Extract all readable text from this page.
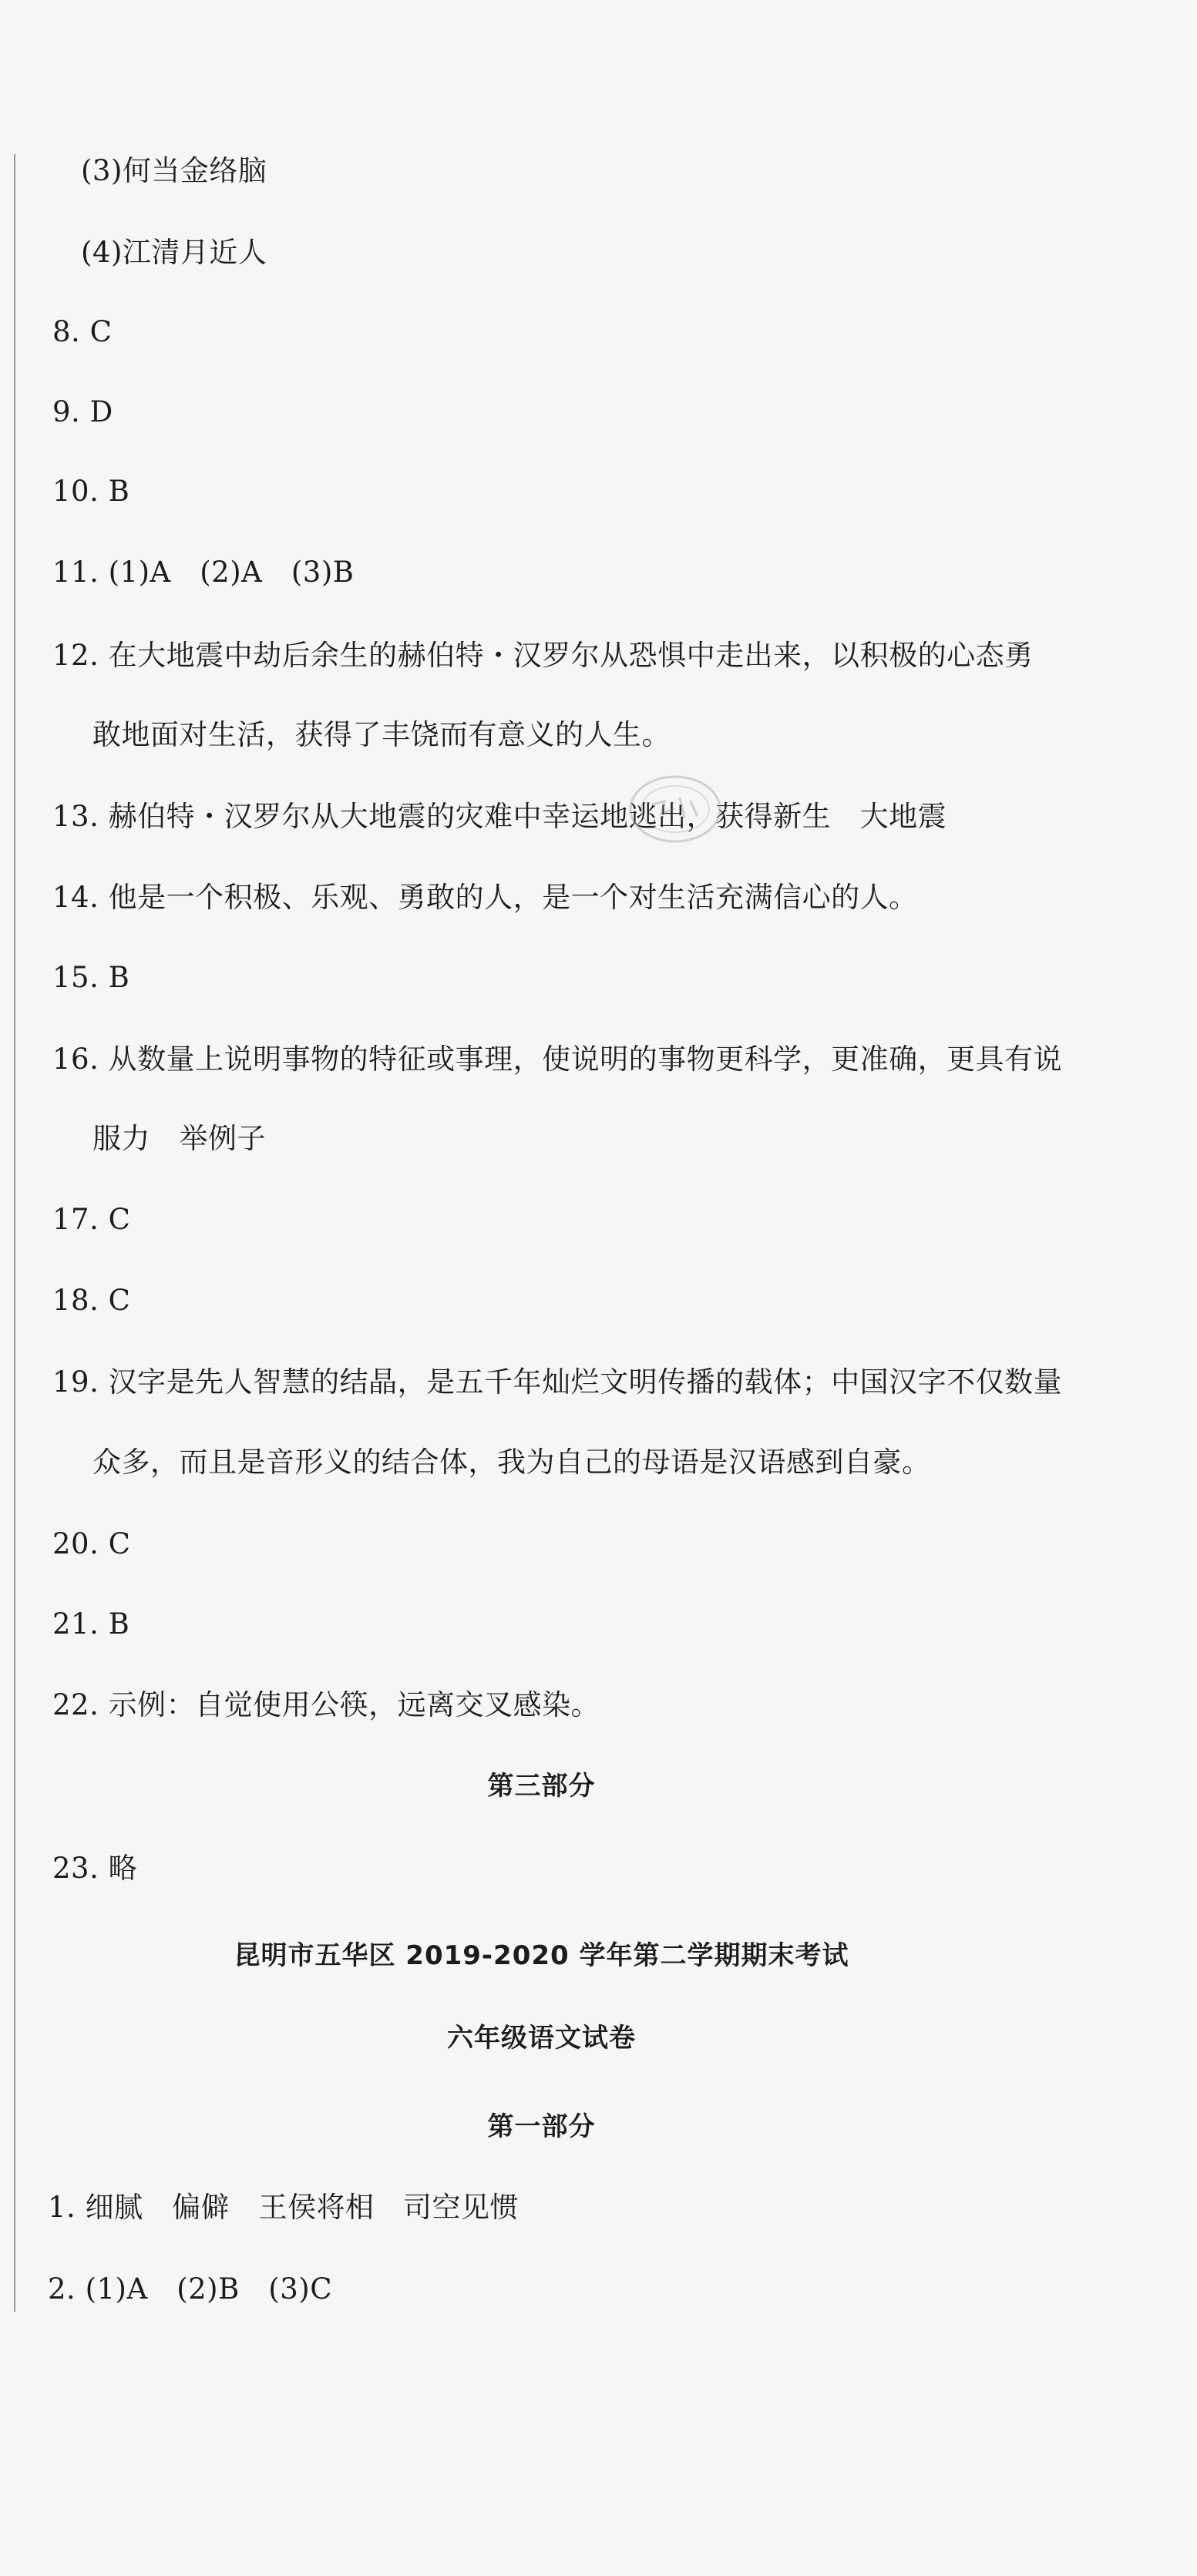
(3)何当金络脑
(4)江清月近人
8. C
9. D
10. B
11. (1)A　(2)A　(3)B
12. 在大地震中劫后余生的赫伯特・汉罗尔从恐惧中走出来，以积极的心态勇
敢地面对生活，获得了丰饶而有意义的人生。
13. 赫伯特・汉罗尔从大地震的灾难中幸运地逃出，获得新生　大地震
14. 他是一个积极、乐观、勇敢的人，是一个对生活充满信心的人。
15. B
16. 从数量上说明事物的特征或事理，使说明的事物更科学，更准确，更具有说
服力　举例子
17. C
18. C
19. 汉字是先人智慧的结晶，是五千年灿烂文明传播的载体；中国汉字不仅数量
众多，而且是音形义的结合体，我为自己的母语是汉语感到自豪。
20. C
21. B
22. 示例：自觉使用公筷，远离交叉感染。
第三部分
23. 略
昆明市五华区 2019-2020 学年第二学期期末考试
六年级语文试卷
第一部分
1. 细腻　偏僻　王侯将相　司空见惯
2. (1)A　(2)B　(3)C
